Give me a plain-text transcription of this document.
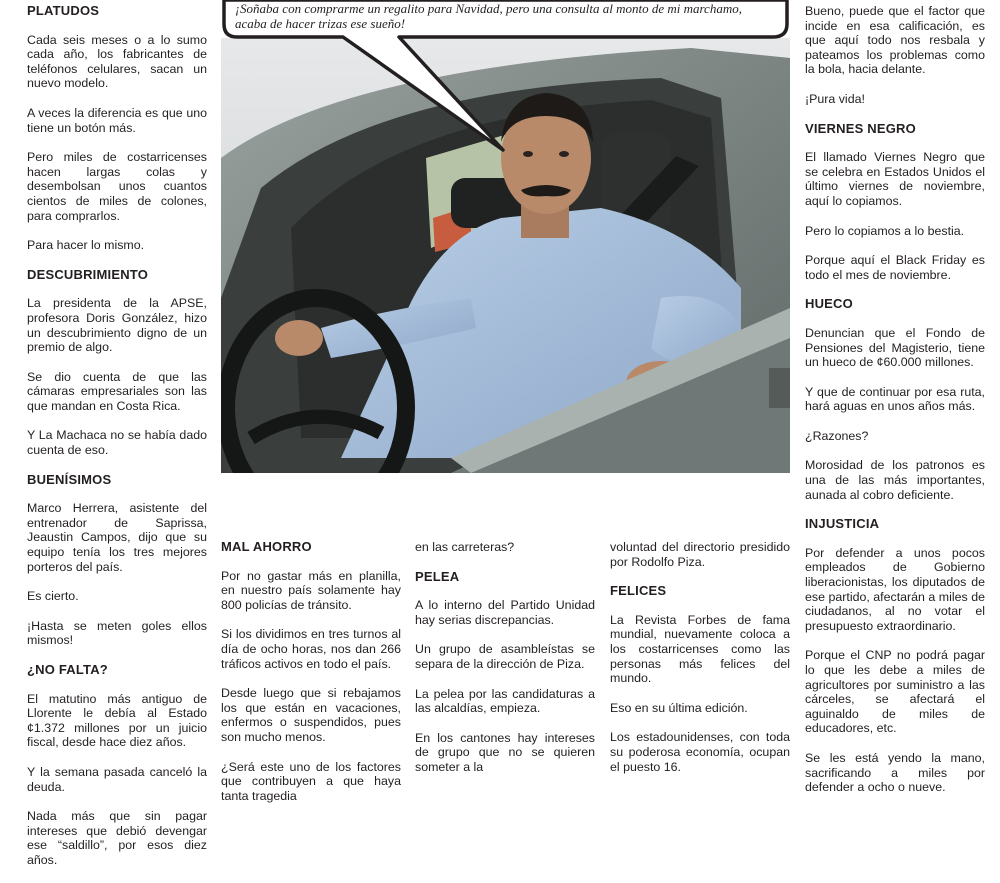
PLATUDOS

Cada seis meses o a lo sumo cada año, los fabricantes de teléfonos celulares, sacan un nuevo modelo.

A veces la diferencia es que uno tiene un botón más.

Pero miles de costarricenses hacen largas colas y desembolsan unos cuantos cientos de miles de colones, para comprarlos.

Para hacer lo mismo.

DESCUBRIMIENTO

La presidenta de la APSE, profesora Doris González, hizo un descubrimiento digno de un premio de algo.

Se dio cuenta de que las cámaras empresariales son las que mandan en Costa Rica.

Y La Machaca no se había dado cuenta de eso.

BUENÍSIMOS

Marco Herrera, asistente del entrenador de Saprissa, Jeaustin Campos, dijo que su equipo tenía los tres mejores porteros del país.

Es cierto.

¡Hasta se meten goles ellos mismos!

¿NO FALTA?

El matutino más antiguo de Llorente le debía al Estado ¢1.372 millones por un juicio fiscal, desde hace diez años.

Y la semana pasada canceló la deuda.

Nada más que sin pagar intereses que debió devengar ese “saldillo”, por esos diez años.

MAL AHORRO

Por no gastar más en planilla, en nuestro país solamente hay 800 policías de tránsito.

Si los dividimos en tres turnos al día de ocho horas, nos dan 266 tráficos activos en todo el país.

Desde luego que si rebajamos los que están en vacaciones, enfermos o suspendidos, pues son mucho menos.

¿Será este uno de los factores que contribuyen a que haya tanta tragedia

en las carreteras?

PELEA

A lo interno del Partido Unidad hay serias discrepancias.

Un grupo de asambleístas se separa de la dirección de Piza.

La pelea por las candidaturas a las alcaldías, empieza.

En los cantones hay intereses de grupo que no se quieren someter a la

voluntad del directorio presidido por Rodolfo Piza.

FELICES

La Revista Forbes de fama mundial, nuevamente coloca a los costarricenses como las personas más felices del mundo.

Eso en su última edición.

Los estadounidenses, con toda su poderosa economía, ocupan el puesto 16.

Bueno, puede que el factor que incide en esa calificación, es que aquí todo nos resbala y pateamos los problemas como la bola, hacia delante.

¡Pura vida!

VIERNES NEGRO

El llamado Viernes Negro que se celebra en Estados Unidos el último viernes de noviembre, aquí lo copiamos.

Pero lo copiamos a lo bestia.

Porque aquí el Black Friday es todo el mes de noviembre.

HUECO

Denuncian que el Fondo de Pensiones del Magisterio, tiene un hueco de ¢60.000 millones.

Y que de continuar por esa ruta, hará aguas en unos años más.

¿Razones?

Morosidad de los patronos es una de las más importantes, aunada al cobro deficiente.

INJUSTICIA

Por defender a unos pocos empleados de Gobierno liberacionistas, los diputados de ese partido, afectarán a miles de ciudadanos, al no votar el presupuesto extraordinario.

Porque el CNP no podrá pagar lo que les debe a miles de agricultores por suministro a las cárceles, se afectará el aguinaldo de miles de educadores, etc.

Se les está yendo la mano, sacrificando a miles por defender a ocho o nueve.

¡Soñaba con comprarme un regalito para Navidad, pero una consulta al monto de mi marchamo, acaba de hacer trizas ese sueño!
